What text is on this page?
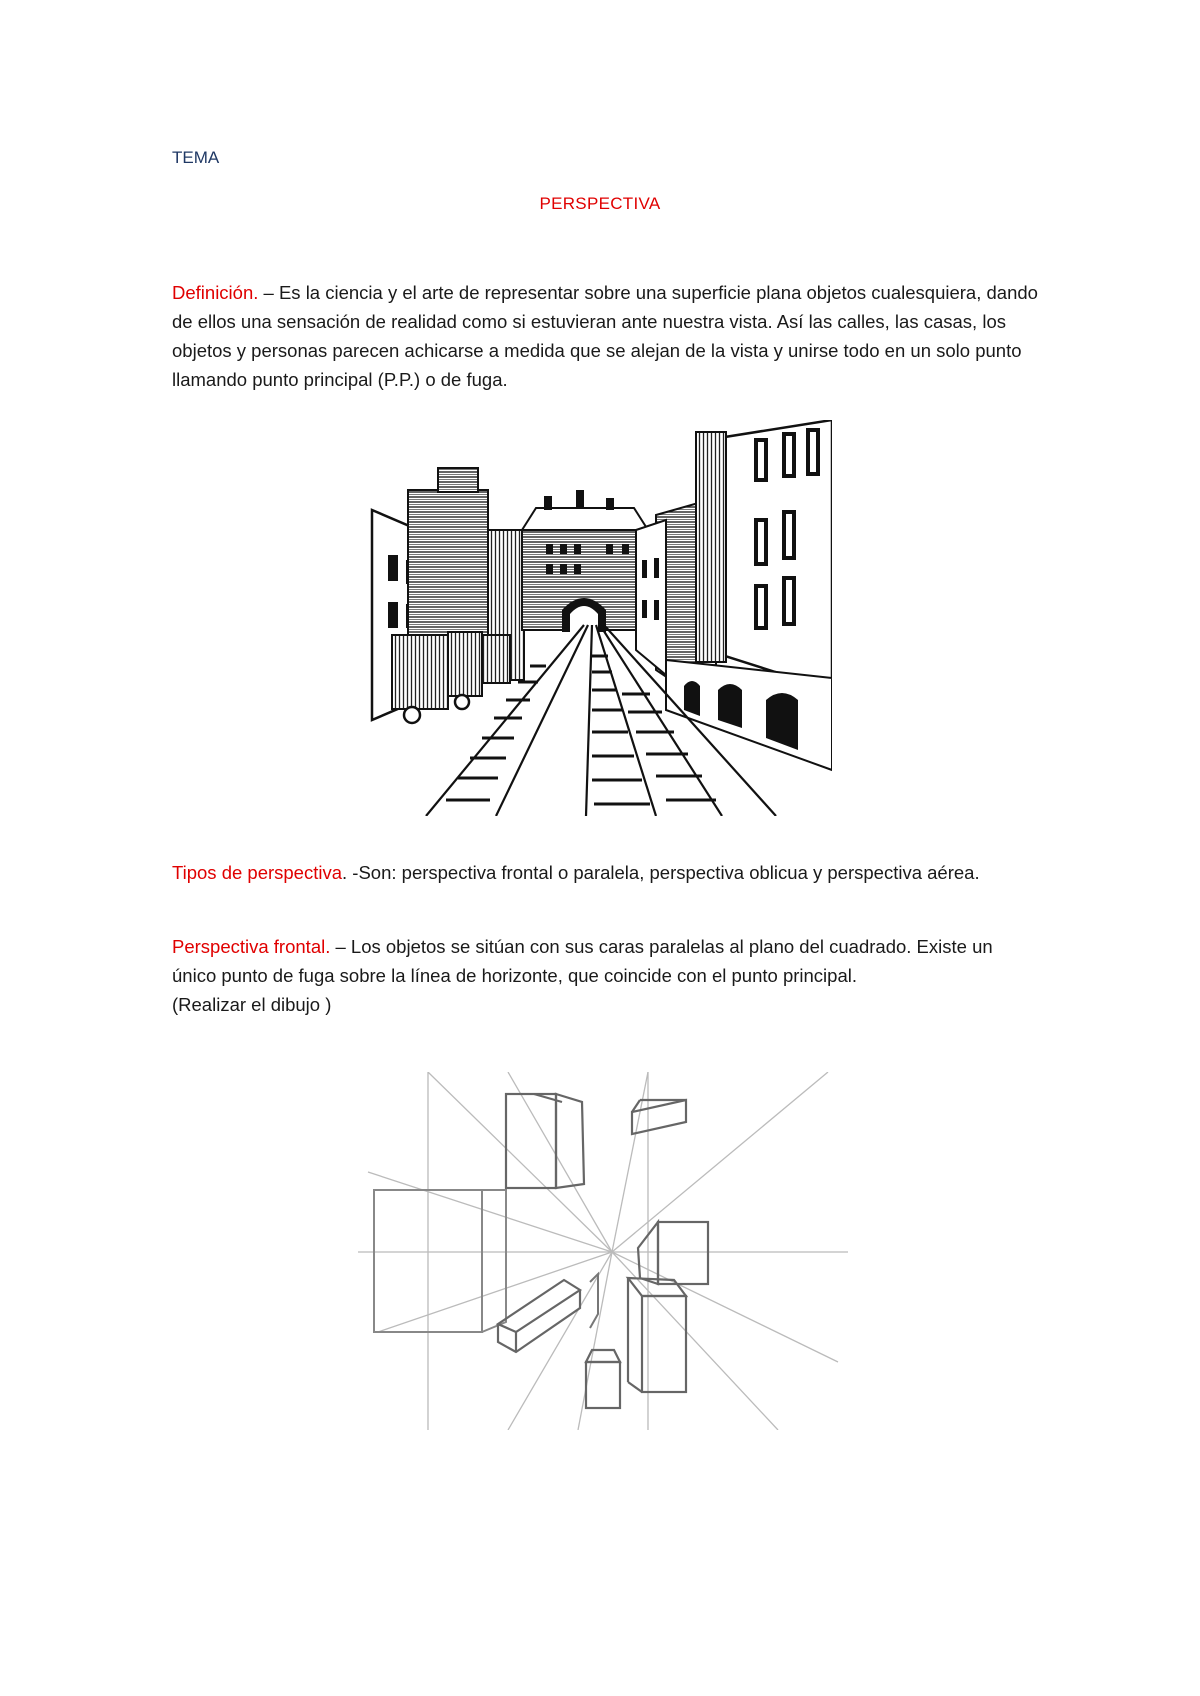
TEMA
PERSPECTIVA
Definición. – Es la ciencia y el arte de representar sobre una superficie plana objetos cualesquiera, dando de ellos una sensación de realidad como si estuvieran ante nuestra vista. Así las calles, las casas, los objetos y personas parecen achicarse a medida que se alejan de la vista y unirse todo en un solo punto llamando punto principal (P.P.) o de fuga.
Tipos de perspectiva. -Son: perspectiva frontal o paralela, perspectiva oblicua y perspectiva aérea.
Perspectiva frontal. – Los objetos se sitúan con sus caras paralelas al plano del cuadrado. Existe un único punto de fuga sobre la línea de horizonte, que coincide con el punto principal.
(Realizar el dibujo )
